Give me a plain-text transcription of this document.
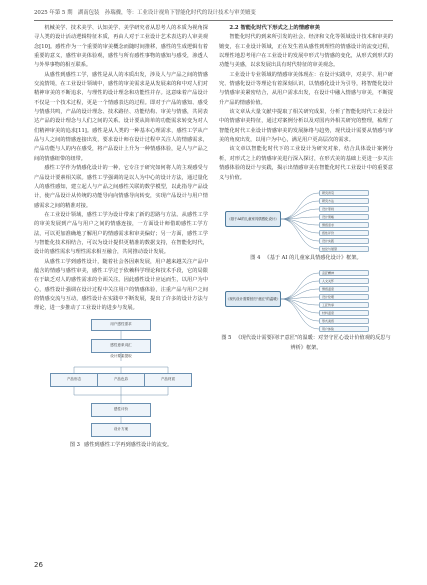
2025 年第 5 期　湖南包装　孙瑞骤，等：工业设计视角下智能化时代的设计技术与审美嬗变

机械美学、技术美学、认知美学、美学研究者从思考人的本质为视角探寻人类的设计活动逻辑特征本质，再由人对于工业设计艺术表达的人审美观念[10]。感性作为一个重要的审美概念而随时间推移，感性的生成逻辑有着重要的意义，感性审美体验观，感性与所有感性事物的感知与感受，渗透人与外界事物的相互联系。

从感性到感性工学，感性是从人的本质出发，涉及人与产品之间的情感交流情境，在工业设计领域中，感性的审美需求是从发展来的和中对人们对精神审美的不断追求，与理性的设计理念和功能性并存。这意味着产品设计不仅是一个技术过程，更是一个情感表达的过程。即对于产品的感知、感受与情感共鸣，产品的设计理念、技术路径、功能结构、审美与情感，共同表达产品的设计理念与人们之间的关系。设计要从简单的功能需求转变为对人们精神审美的追求[11]。感性是从人类的一种基本心理需求，感性工学从产品与人之间的情感连接出发，要求设计师在设计过程中关注人的情感需求，产品功能与人的内在感受，将产品设计上升为一种情感体验，是人与产品之间的情感纽带的纽带。

感性工学作为情感化设计的一种，它专注于研究如何将人的主观感受与产品设计要素相关联。感性工学强调的是以人为中心的设计方法，通过量化人的感性感知，建立起人与产品之间感性关联的数学模型，以此指导产品设计，使产品设计从传统的功能导向向情感导向转变，实现产品设计与用户情感需求之间的精准对接。

在工业设计领域，感性工学为设计带来了新的思路与方法。从感性工学的审美发展到产品与用户之间的情感连接，一方面设计师借助感性工学方法，可以更加准确地了解用户的情感需求和审美偏好；另一方面，感性工学与智能化技术相结合，可以为设计提供更精准的数据支持，在智能化时代，设计的感性需求与理性需求相互融合，共同推动设计发展。

从感性工学到感性设计，随着社会各因素发展，用户越来越关注产品中蕴含的情感与感性审美，感性工学过于依赖科学理论和技术手段，它的局限在于缺乏对人的感性需求的全面关注。因此感性设计应运而生，以用户为中心，感性设计强调在设计过程中关注用户的情感体验，注重产品与用户之间的情感交流与互动，感性设计在实践中不断发展，提出了许多的设计方法与理论，进一步推动了工业设计的进步与发展。

用户感性需求
感性意象词汇
设计要素提取
产品形态	产品色彩	产品材质
感性评价
设计方案
图 3 感性到感性工学再到感性设计的流变。

2.2 智能化时代下形式之上的情感审美

智能化时代的到来所引发的社会、经济和文化等领域设计技术和审美的嬗变，在工业设计领域，正在发生着从感性到理性的情感设计的流变过程，以理性地思考用户在工业设计的发展中形式与情感的变化，从形式到形式的功能与美感，以求发展出具有时代特征的审美观念。

工业设计专业领域的情感审美体现在：在设计实践中，对美学、用户研究、情感化设计等理论有着深刻认识，以情感化设计为引导，将智能化设计与情感审美紧密结合，从用户需求出发，在设计中融入情感与审美，不断提升产品的情感价值。

该文章从大量文献中提取了相关研究成果，分析了智能化时代工业设计中的情感审美特征，通过对案例分析以及对国内外相关研究的整理，梳理了智能化时代工业设计情感审美的发展脉络与趋势，现代设计需要从情感与审美的角度出发，以用户为中心，满足用户更高层次的需求。

该文章以智能化时代下的工业设计为研究对象，结合具体设计案例分析，对形式之上的情感审美进行深入探讨，在形式美的基础上更进一步关注情感体验的设计与实践，揭示出情感审美在智能化时代工业设计中的重要意义与价值。

《基于AI的儿童家具情感化设计》
研究背景
研究方法
设计原则
设计策略
情感需求
感性评价
设计实践
结论与展望
图 4 《基于 AI 的儿童家具情感化设计》框架。
《现代设计需要回归"意匠"的温暖》
意匠精神
人文关怀
情感温度
设计伦理
工匠传承
材料温度
形式美感
用户体验
图 5 《现代设计需要回归"意匠"的温暖：对坚守匠心设计价值观的反思与辨析》框架。
26
